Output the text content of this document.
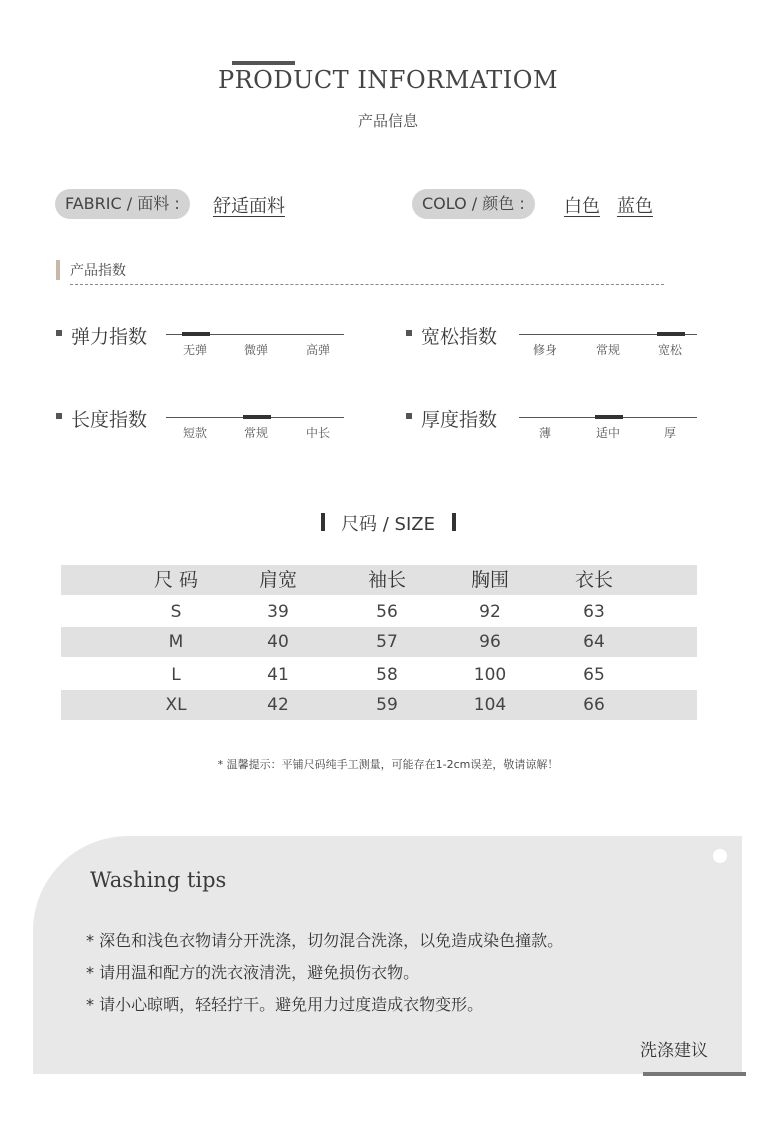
PRODUCT INFORMATIOM
产品信息
FABRIC / 面料 :	舒适面料	COLO / 颜色 :	白色 蓝色
产品指数
弹力指数
无弹	微弹	高弹
宽松指数
修身	常规	宽松
长度指数
短款	常规	中长
厚度指数
薄	适中	厚
尺码 / SIZE
尺 码	肩宽	袖长	胸围	衣长
S	39	56	92	63
M	40	57	96	64
L	41	58	100	65
XL	42	59	104	66
* 温馨提示：平铺尺码纯手工测量，可能存在1-2cm误差，敬请谅解！
Washing tips
* 深色和浅色衣物请分开洗涤，切勿混合洗涤，以免造成染色撞款。
* 请用温和配方的洗衣液清洗，避免损伤衣物。
* 请小心晾晒，轻轻拧干。避免用力过度造成衣物变形。
洗涤建议
